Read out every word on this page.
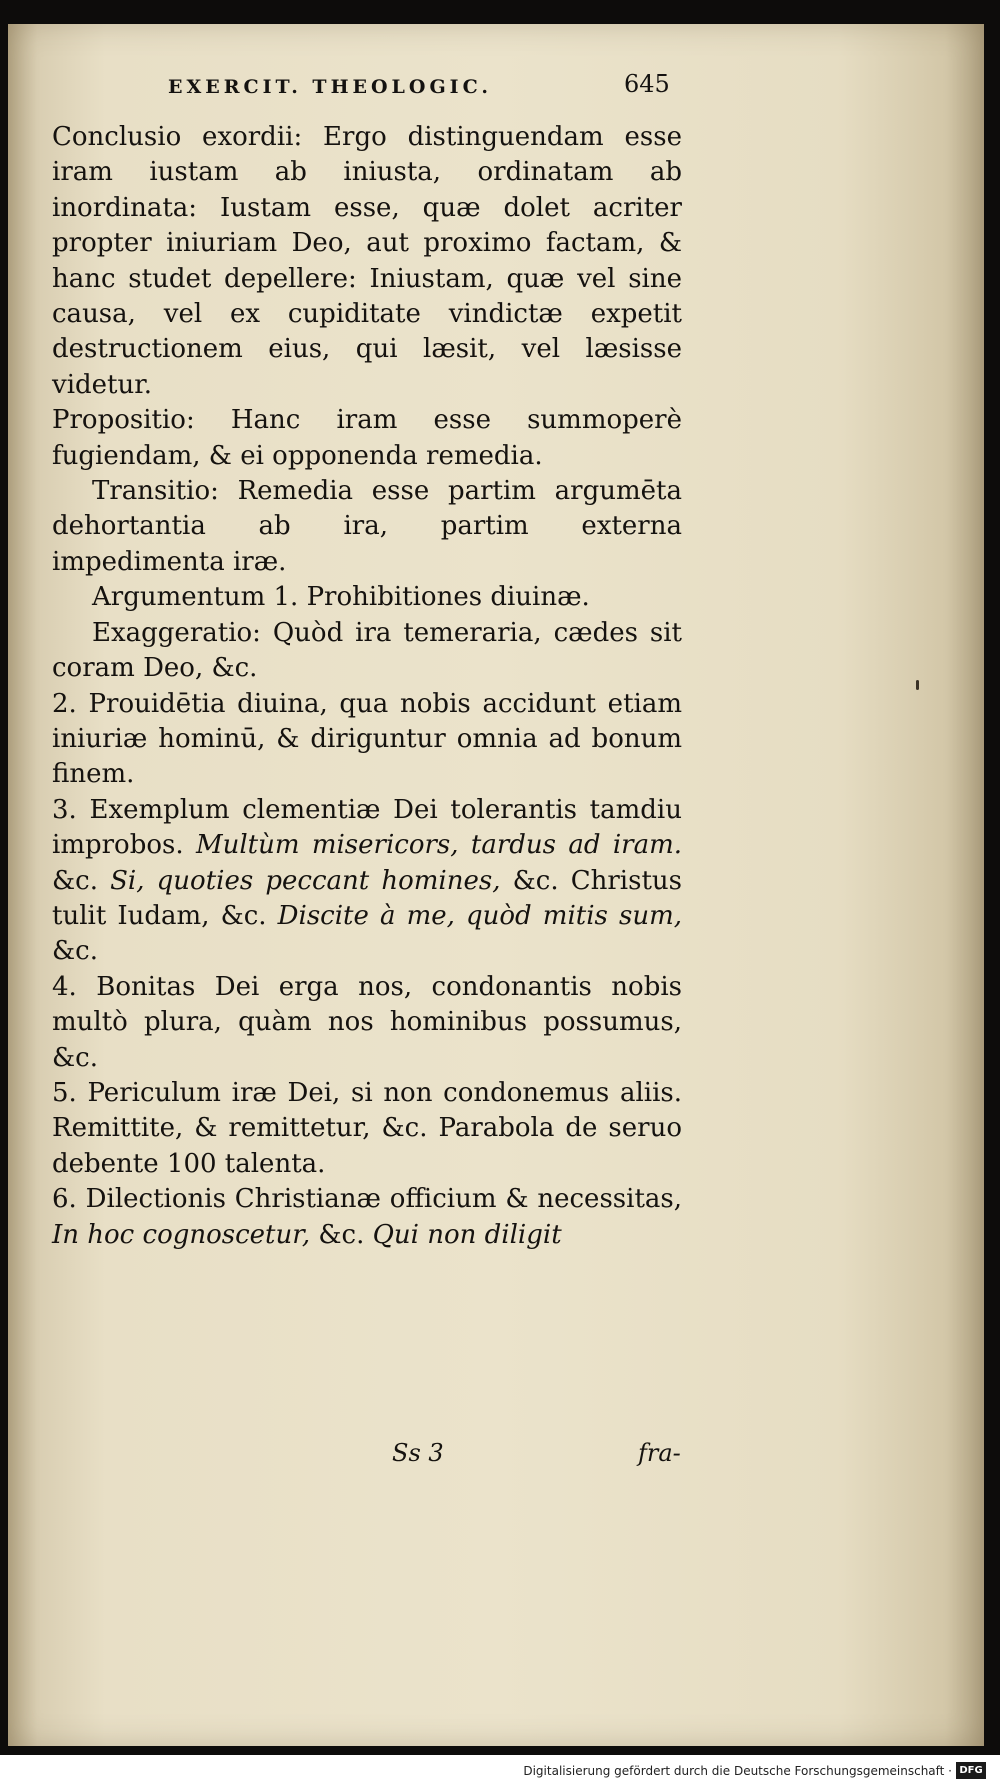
EXERCIT. THEOLOGIC.	645

Conclusio exordii: Ergo distinguendam esse iram iustam ab iniusta, ordinatam ab inordinata: Iustam esse, quæ dolet acriter propter iniuriam Deo, aut proximo factam, & hanc studet depellere: Iniustam, quæ vel sine causa, vel ex cupiditate vindictæ expetit destructionem eius, qui læsit, vel læsisse videtur.

Propositio: Hanc iram esse summoperè fugiendam, & ei opponenda remedia.

Transitio: Remedia esse partim argumēta dehortantia ab ira, partim externa impedimenta iræ.

Argumentum 1. Prohibitiones diuinæ.

Exaggeratio: Quòd ira temeraria, cædes sit coram Deo, &c.

2. Prouidētia diuina, qua nobis accidunt etiam iniuriæ hominū, & diriguntur omnia ad bonum finem.

3. Exemplum clementiæ Dei tolerantis tamdiu improbos. Multùm misericors, tardus ad iram. &c. Si, quoties peccant homines, &c. Christus tulit Iudam, &c. Discite à me, quòd mitis sum, &c.

4. Bonitas Dei erga nos, condonantis nobis multò plura, quàm nos hominibus possumus, &c.

5. Periculum iræ Dei, si non condonemus aliis. Remittite, & remittetur, &c. Parabola de seruo debente 100 talenta.

6. Dilectionis Christianæ officium & necessitas, In hoc cognoscetur, &c. Qui non diligit

Ss 3	fra-
Digitalisierung gefördert durch die Deutsche Forschungsgemeinschaft · DFG
